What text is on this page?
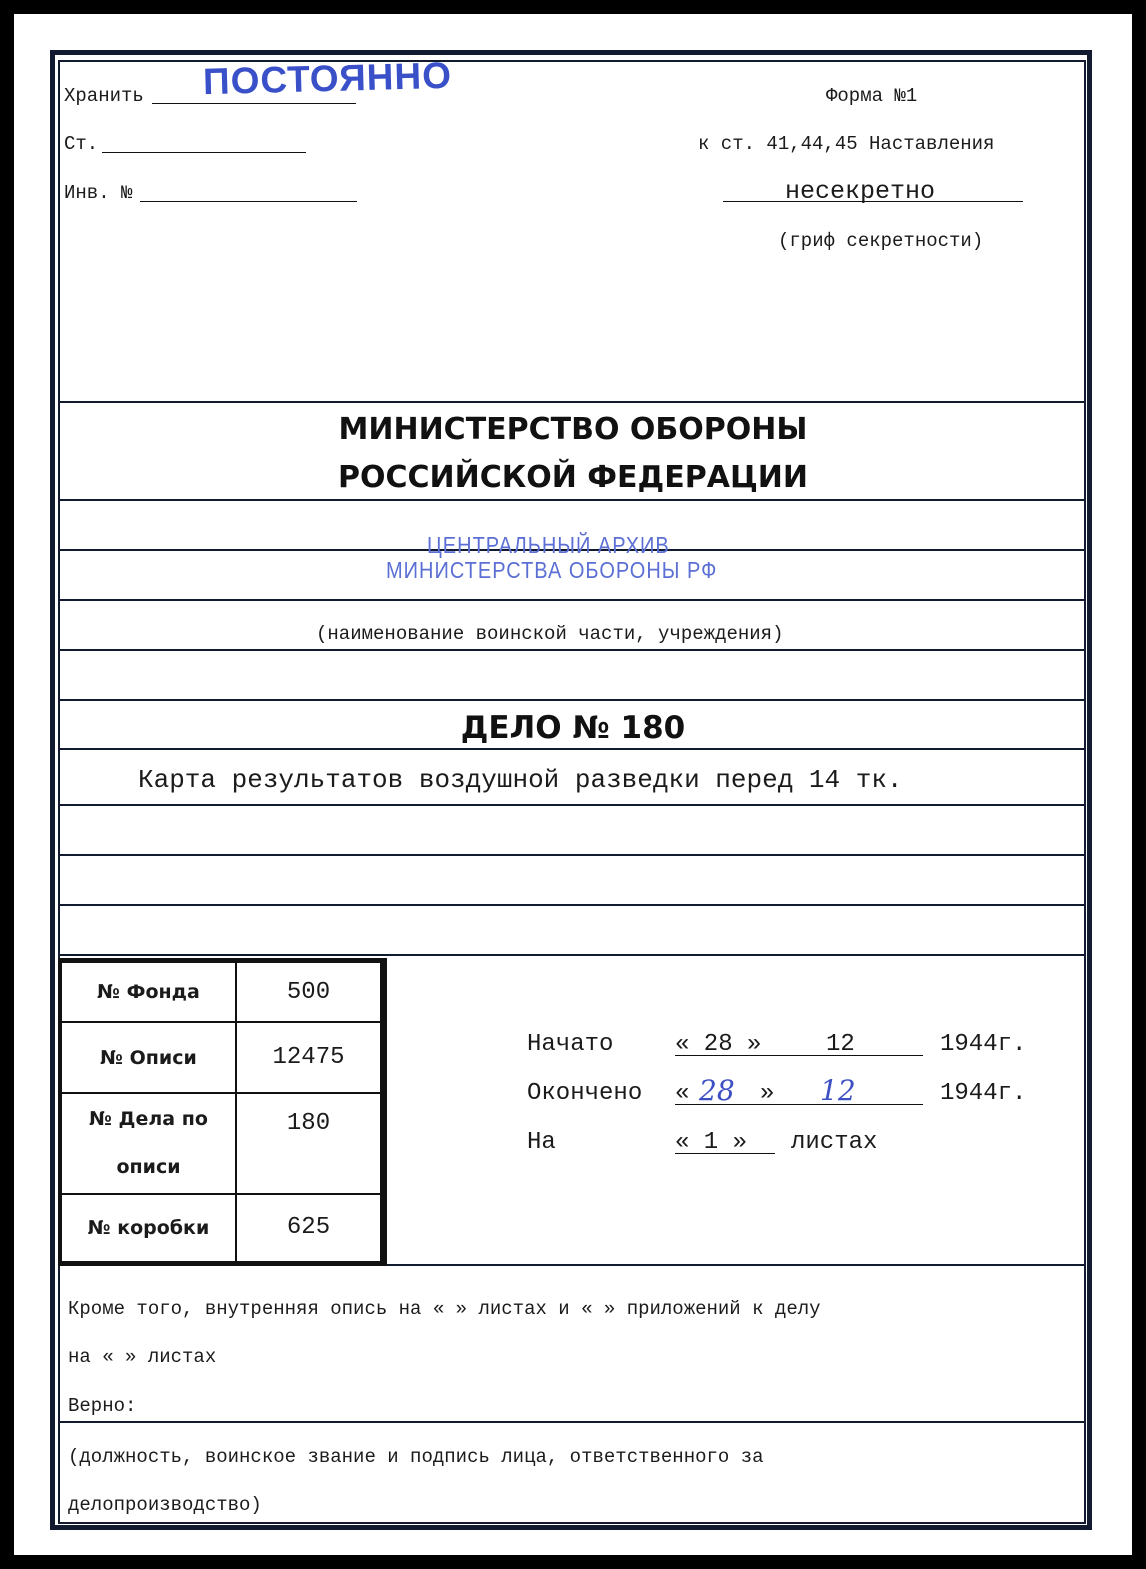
Хранить ПОСТОЯННО
Ст.
Инв. №
Форма №1
к ст. 41,44,45 Наставления
несекретно
(гриф секретности)
МИНИСТЕРСТВО ОБОРОНЫ
РОССИЙСКОЙ ФЕДЕРАЦИИ
ЦЕНТРАЛЬНЫЙ АРХИВ
МИНИСТЕРСТВА ОБОРОНЫ РФ
(наименование воинской части, учреждения)
ДЕЛО № 180
Карта результатов воздушной разведки перед 14 тк.
№ Фонда	500
№ Описи	12475

№ Дела по
описи	180
№ коробки	625
Начато	« 28 »	12	1944г.
Окончено « 28 » 12	1944г.
На	« 1 » листах
Кроме того, внутренняя опись на « » листах и « » приложений к делу
на « » листах
Верно:
(должность, воинское звание и подпись лица, ответственного за
делопроизводство)
